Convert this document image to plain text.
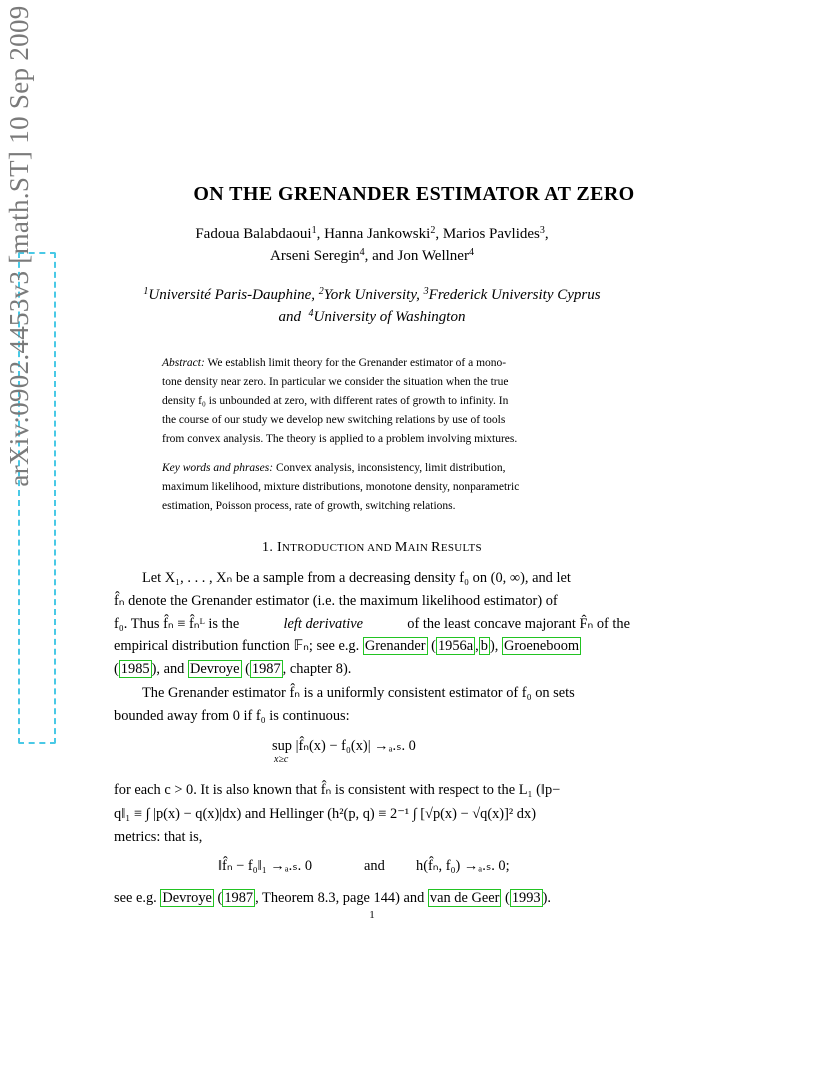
arXiv:0902.4453v3 [math.ST] 10 Sep 2009	ON THE GRENANDER ESTIMATOR AT ZERO
Fadoua Balabdaoui$^1$, Hanna Jankowski$^2$, Marios Pavlides$^3$,
Arseni Seregin$^4$, and Jon Wellner$^4$
$^1$Université Paris-Dauphine, $^2$York University, $^3$Frederick University Cyprus
and $^4$University of Washington
Abstract: We establish limit theory for the Grenander estimator of a mono-
tone density near zero. In particular we consider the situation when the true
density f₀ is unbounded at zero, with different rates of growth to infinity. In
the course of our study we develop new switching relations by use of tools
from convex analysis. The theory is applied to a problem involving mixtures.
Key words and phrases: Convex analysis, inconsistency, limit distribution,
maximum likelihood, mixture distributions, monotone density, nonparametric
estimation, Poisson process, rate of growth, switching relations.
1. INTRODUCTION AND MAIN RESULTS
Let X₁, . . . , Xₙ be a sample from a decreasing density f₀ on (0, ∞), and let
f̂ₙ denote the Grenander estimator (i.e. the maximum likelihood estimator) of
f₀. Thus f̂ₙ ≡ f̂ₙᴸ is the	left derivative	of the least concave majorant F̂ₙ of the
empirical distribution function 𝔽ₙ; see e.g. Grenander ( 1956a , b ), Groeneboom
( 1985 ), and Devroye ( 1987 , chapter 8).
The Grenander estimator f̂ₙ is a uniformly consistent estimator of f₀ on sets
bounded away from 0 if f₀ is continuous:
sup
x≥c
|f̂ₙ(x) − f₀(x)| →ₐ.ₛ. 0
for each c > 0. It is also known that f̂ₙ is consistent with respect to the L₁ (‖p−
q‖₁ ≡ ∫ |p(x) − q(x)|dx) and Hellinger (h²(p, q) ≡ 2⁻¹ ∫ [√p(x) − √q(x)]² dx)
metrics: that is,
‖f̂ₙ − f₀‖₁ →ₐ.ₛ. 0	and h(f̂ₙ, f₀) →ₐ.ₛ. 0;
see e.g. Devroye ( 1987 , Theorem 8.3, page 144) and van de Geer ( 1993 ).
1
